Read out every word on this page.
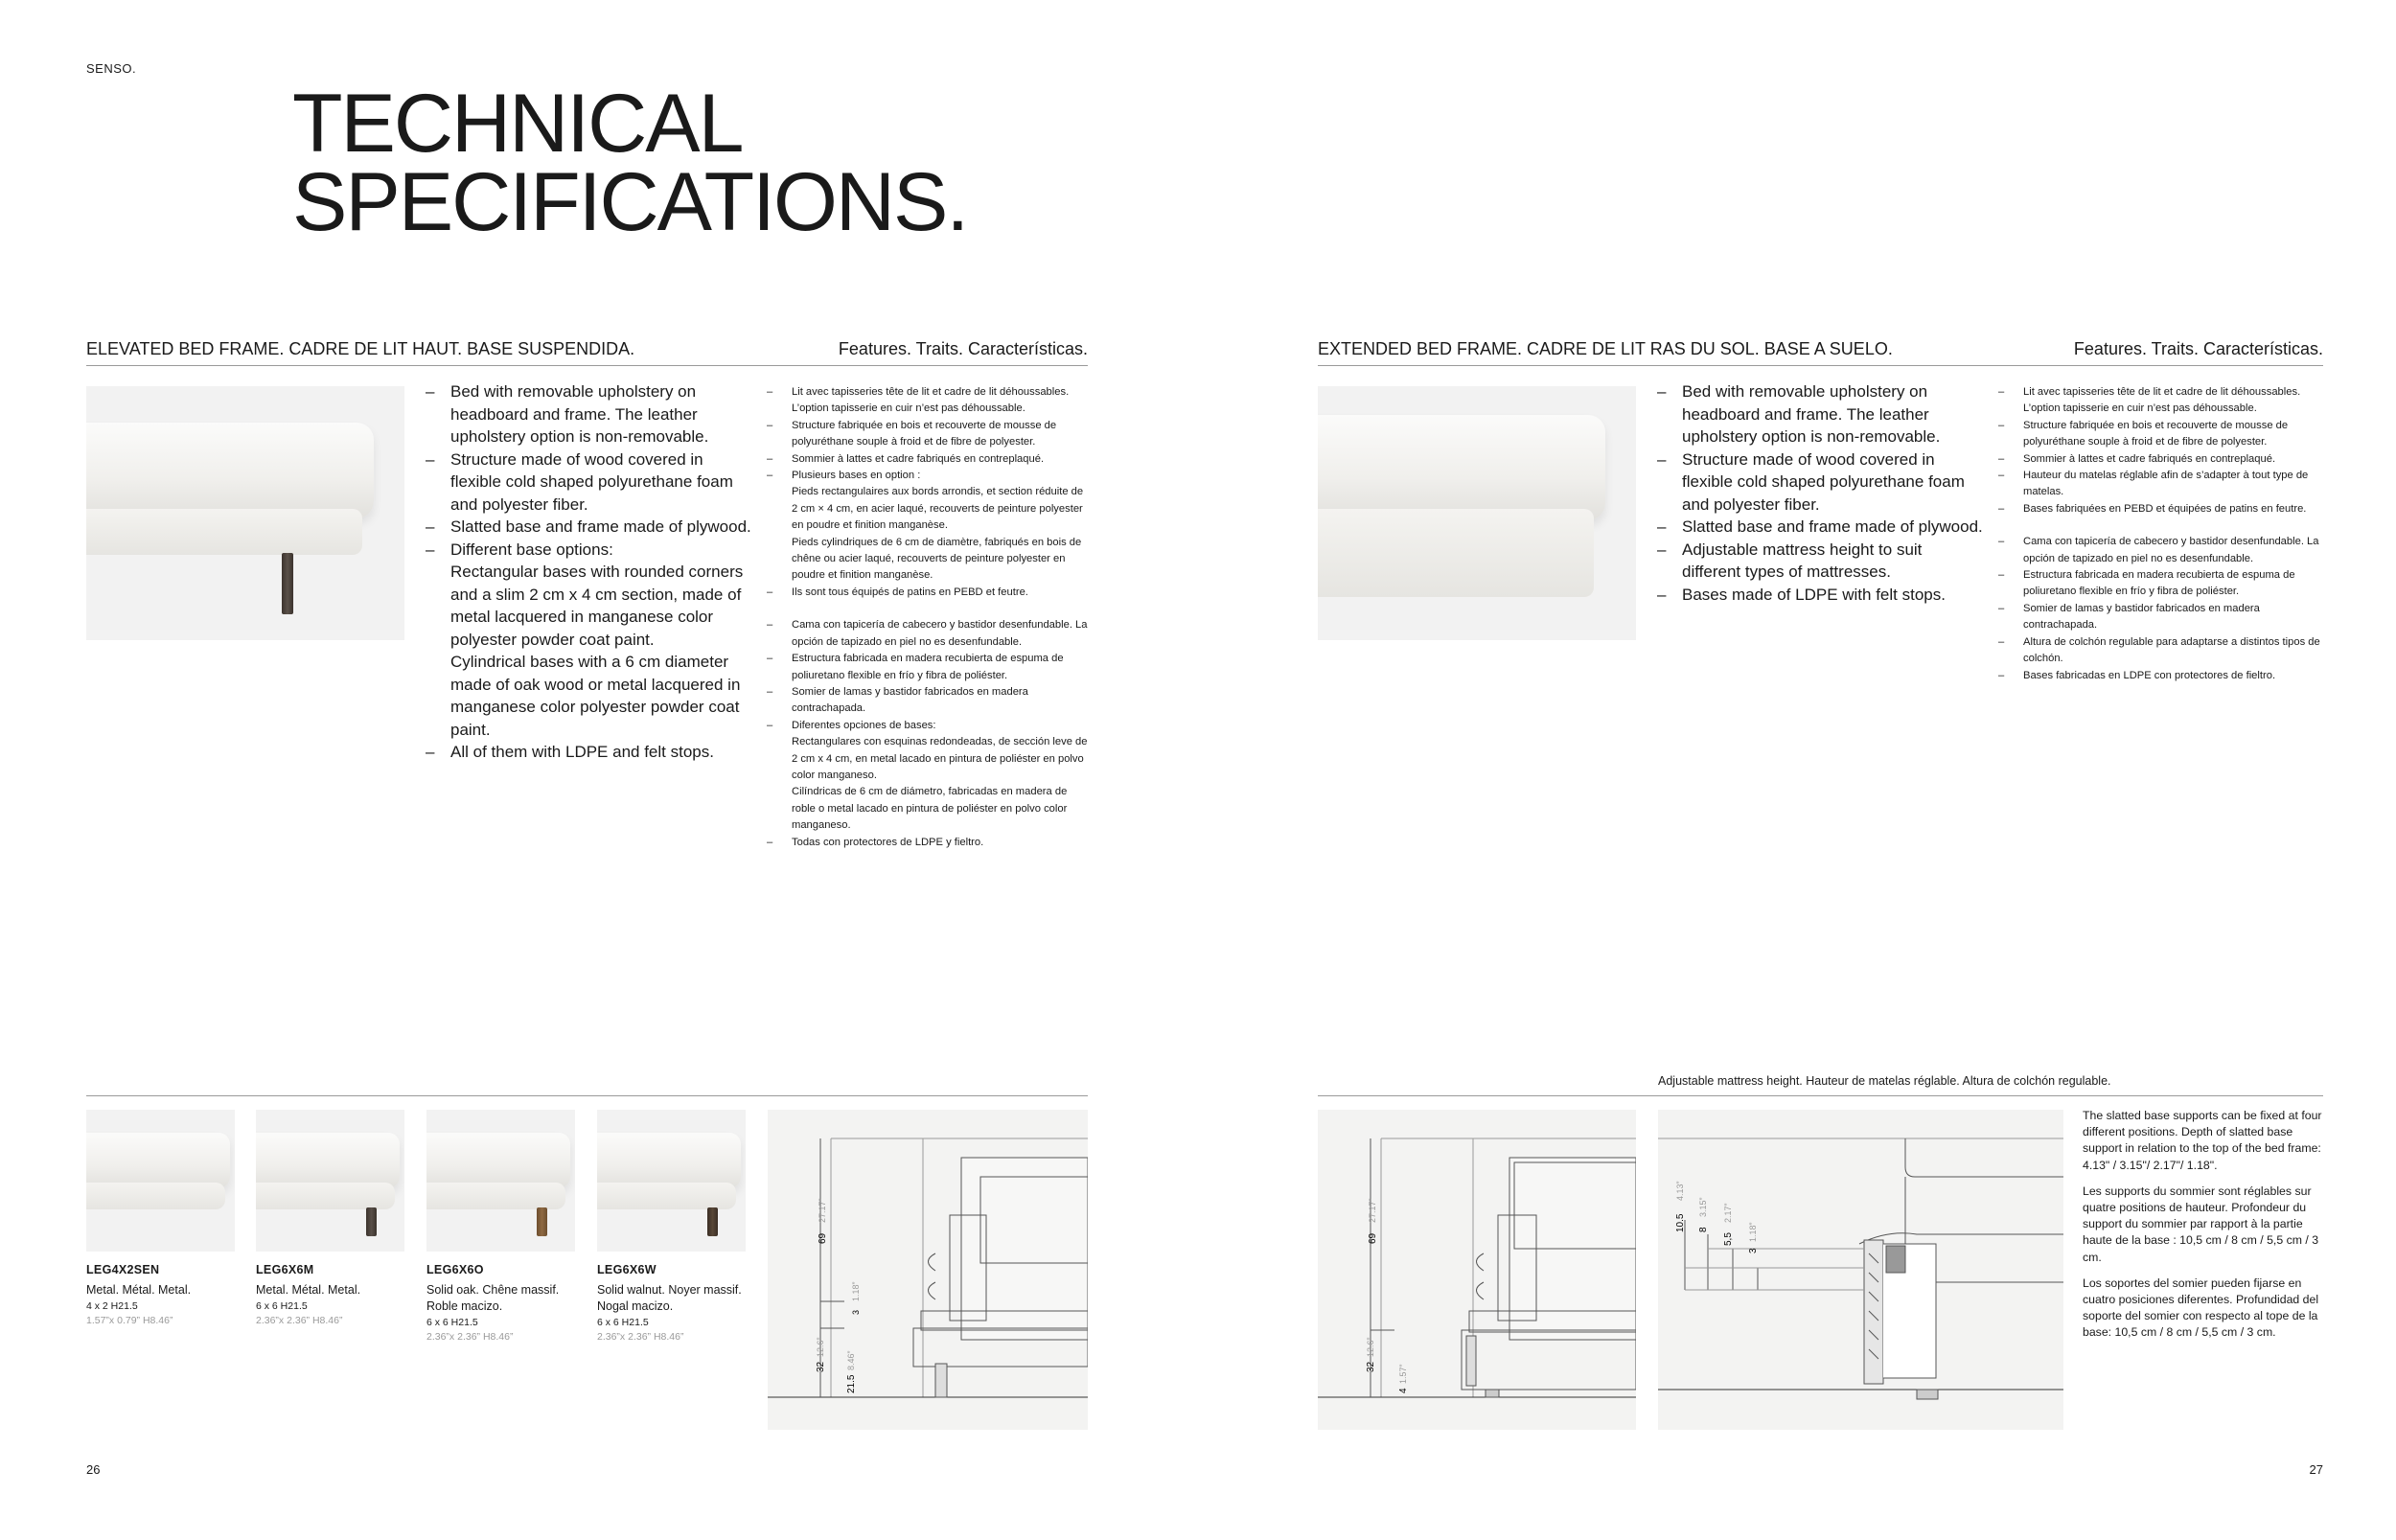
SENSO.
TECHNICAL
SPECIFICATIONS.
ELEVATED BED FRAME. CADRE DE LIT HAUT. BASE SUSPENDIDA.	Features. Traits. Características.
– Bed with removable upholstery on headboard and frame. The leather upholstery option is non-removable.
– Structure made of wood covered in flexible cold shaped polyurethane foam and polyester fiber.
– Slatted base and frame made of plywood.
– Different base options:
Rectangular bases with rounded corners and a slim 2 cm x 4 cm section, made of metal lacquered in manganese color polyester powder coat paint.
Cylindrical bases with a 6 cm diameter made of oak wood or metal lacquered in manganese color polyester powder coat paint.
– All of them with LDPE and felt stops.
– Lit avec tapisseries tête de lit et cadre de lit déhoussables. L’option tapisserie en cuir n’est pas déhoussable.
– Structure fabriquée en bois et recouverte de mousse de polyuréthane souple à froid et de fibre de polyester.
– Sommier à lattes et cadre fabriqués en contreplaqué.
– Plusieurs bases en option :
Pieds rectangulaires aux bords arrondis, et section réduite de 2 cm × 4 cm, en acier laqué, recouverts de peinture polyester en poudre et finition manganèse.
Pieds cylindriques de 6 cm de diamètre, fabriqués en bois de chêne ou acier laqué, recouverts de peinture polyester en poudre et finition manganèse.
– Ils sont tous équipés de patins en PEBD et feutre.
– Cama con tapicería de cabecero y bastidor desenfundable. La opción de tapizado en piel no es desenfundable.
– Estructura fabricada en madera recubierta de espuma de poliuretano flexible en frío y fibra de poliéster.
– Somier de lamas y bastidor fabricados en madera contrachapada.
– Diferentes opciones de bases:
Rectangulares con esquinas redondeadas, de sección leve de 2 cm x 4 cm, en metal lacado en pintura de poliéster en polvo color manganeso.
Cilíndricas de 6 cm de diámetro, fabricadas en madera de roble o metal lacado en pintura de poliéster en polvo color manganeso.
– Todas con protectores de LDPE y fieltro.
LEG4X2SEN
Metal. Métal. Metal.
4 x 2 H21.5
1.57”x 0.79” H8.46”
LEG6X6M
Metal. Métal. Metal.
6 x 6 H21.5
2.36”x 2.36” H8.46”
LEG6X6O
Solid oak. Chêne massif. Roble macizo.
6 x 6 H21.5
2.36”x 2.36” H8.46”
LEG6X6W
Solid walnut. Noyer massif. Nogal macizo.
6 x 6 H21.5
2.36”x 2.36” H8.46”
69
27.17”
3
1.18”
32
12.6”
21.5
8.46”
26
EXTENDED BED FRAME. CADRE DE LIT RAS DU SOL. BASE A SUELO.	Features. Traits. Características.
– Bed with removable upholstery on headboard and frame. The leather upholstery option is non-removable.
– Structure made of wood covered in flexible cold shaped polyurethane foam and polyester fiber.
– Slatted base and frame made of plywood.
– Adjustable mattress height to suit different types of mattresses.
– Bases made of LDPE with felt stops.
– Lit avec tapisseries tête de lit et cadre de lit déhoussables. L’option tapisserie en cuir n’est pas déhoussable.
– Structure fabriquée en bois et recouverte de mousse de polyuréthane souple à froid et de fibre de polyester.
– Sommier à lattes et cadre fabriqués en contreplaqué.
– Hauteur du matelas réglable afin de s’adapter à tout type de matelas.
– Bases fabriquées en PEBD et équipées de patins en feutre.
– Cama con tapicería de cabecero y bastidor desenfundable. La opción de tapizado en piel no es desenfundable.
– Estructura fabricada en madera recubierta de espuma de poliuretano flexible en frío y fibra de poliéster.
– Somier de lamas y bastidor fabricados en madera contrachapada.
– Altura de colchón regulable para adaptarse a distintos tipos de colchón.
– Bases fabricadas en LDPE con protectores de fieltro.
Adjustable mattress height. Hauteur de matelas réglable. Altura de colchón regulable.
69
27.17”
32
12.6”
4
1.57”
10.5
4.13”
8
3.15”
5,5
2.17”
3
1.18”
The slatted base supports can be fixed at four different positions. Depth of slatted base support in relation to the top of the bed frame: 4.13" / 3.15"/ 2.17"/ 1.18".
Les supports du sommier sont réglables sur quatre positions de hauteur. Profondeur du support du sommier par rapport à la partie haute de la base : 10,5 cm / 8 cm / 5,5 cm / 3 cm.
Los soportes del somier pueden fijarse en cuatro posiciones diferentes. Profundidad del soporte del somier con respecto al tope de la base: 10,5 cm / 8 cm / 5,5 cm / 3 cm.
27
